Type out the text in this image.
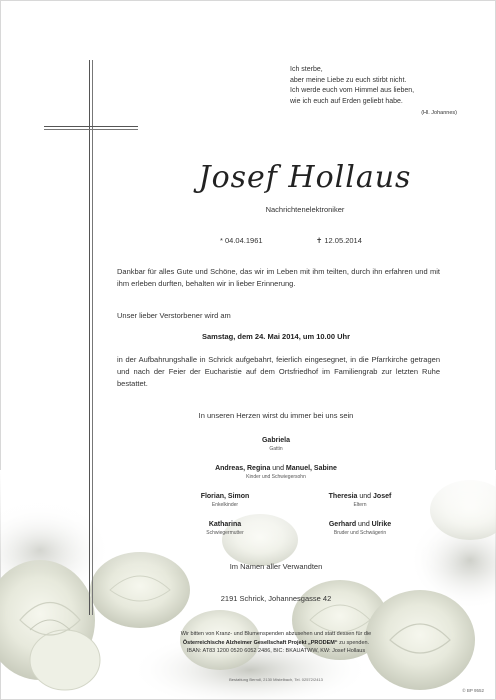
Ich sterbe,
aber meine Liebe zu euch stirbt nicht.
Ich werde euch vom Himmel aus lieben,
wie ich euch auf Erden geliebt habe.
(Hl. Johannes)
Josef Hollaus
Nachrichtenelektroniker
* 04.04.1961	✝ 12.05.2014
Dankbar für alles Gute und Schöne, das wir im Leben mit ihm teilten, durch ihn erfahren und mit ihm erleben durften, behalten wir in lieber Erinnerung.
Unser lieber Verstorbener wird am
Samstag, dem 24. Mai 2014, um 10.00 Uhr
in der Aufbahrungshalle in Schrick aufgebahrt, feierlich eingesegnet, in die Pfarrkirche getragen und nach der Feier der Eucharistie auf dem Ortsfriedhof im Familiengrab zur letzten Ruhe bestattet.
In unseren Herzen wirst du immer bei uns sein
Gabriela
Gattin
Andreas, Regina und Manuel, Sabine
Kinder und Schwiegersohn
Florian, Simon
Enkelkinder
Theresia und Josef
Eltern
Katharina
Schwiegermutter
Gerhard und Ulrike
Bruder und Schwägerin
Im Namen aller Verwandten
2191 Schrick, Johannesgasse 42
Wir bitten von Kranz- und Blumenspenden abzusehen und statt dessen für die
Österreichische Alzheimer Gesellschaft Projekt „PRODEM“ zu spenden.
IBAN: AT83 1200 0520 6052 2486, BIC: BKAUATWW, KW: Josef Hollaus
Bestattung Berndl, 2130 Mistelbach, Tel. 02572/2413
© BP 9552
